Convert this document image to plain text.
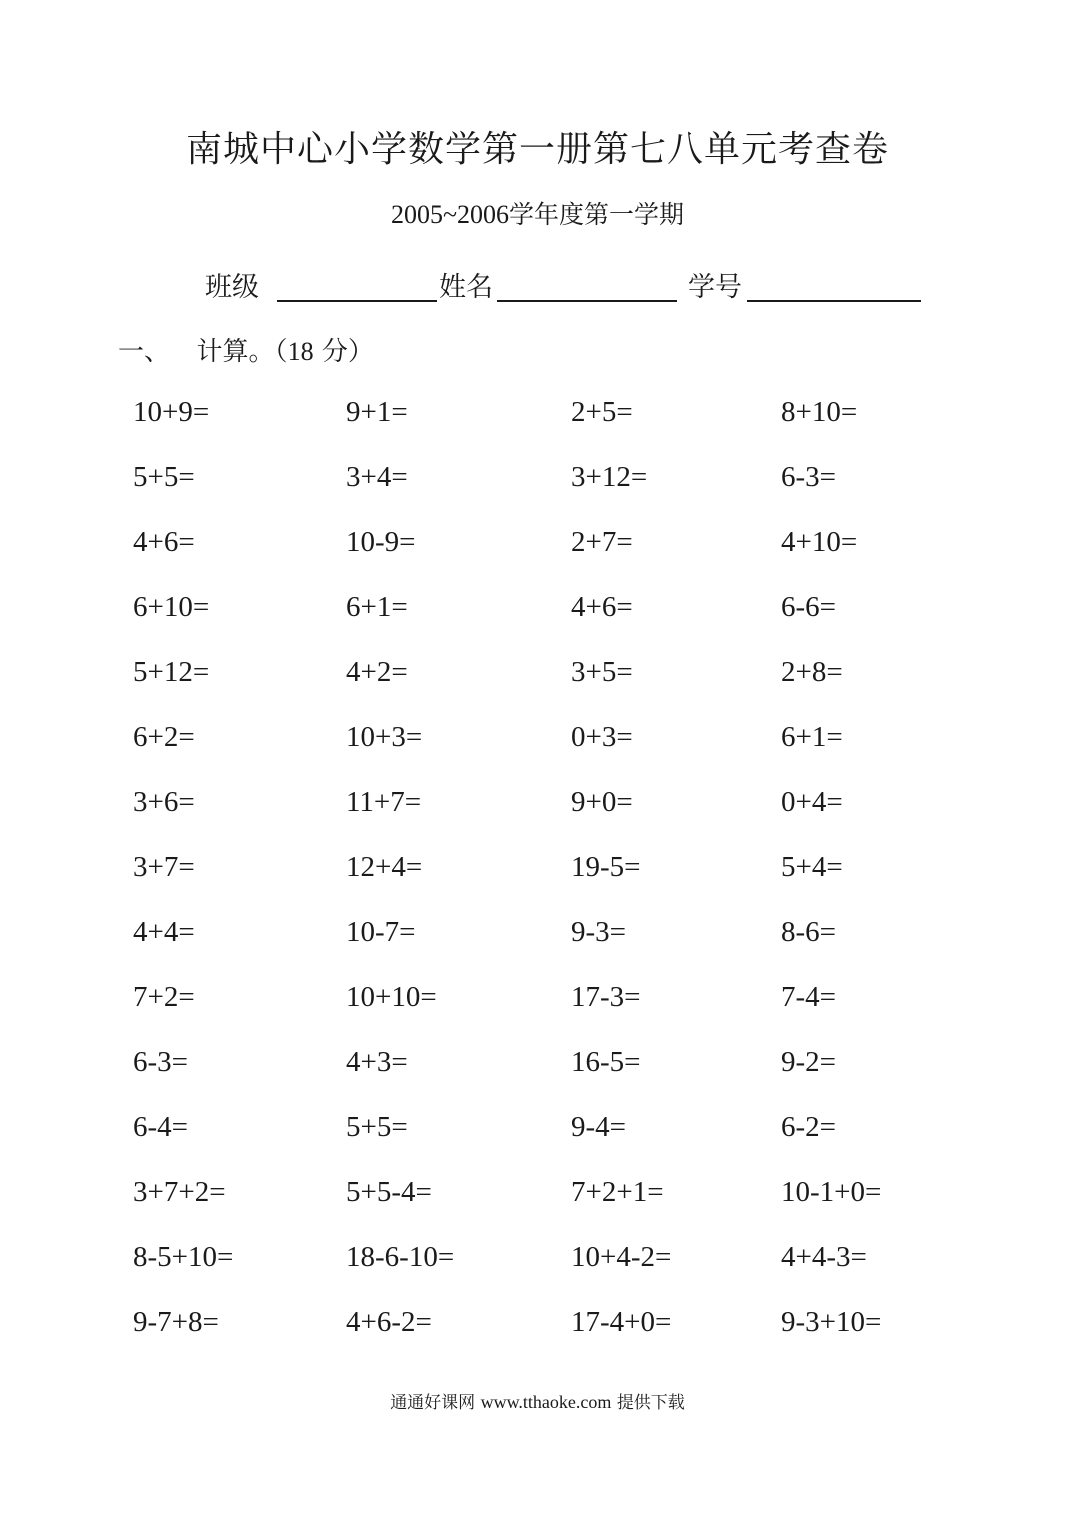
南城中心小学数学第一册第七八单元考查卷
2005~2006学年度第一学期
班级	姓名	学号
一、 计算。（18 分）
10+9=	9+1=	2+5=	8+10=
5+5=	3+4=	3+12=	6-3=
4+6=	10-9=	2+7=	4+10=
6+10=	6+1=	4+6=	6-6=
5+12=	4+2=	3+5=	2+8=
6+2=	10+3=	0+3=	6+1=
3+6=	11+7=	9+0=	0+4=
3+7=	12+4=	19-5=	5+4=
4+4=	10-7=	9-3=	8-6=
7+2=	10+10=	17-3=	7-4=
6-3=	4+3=	16-5=	9-2=
6-4=	5+5=	9-4=	6-2=
3+7+2=	5+5-4=	7+2+1=	10-1+0=
8-5+10=	18-6-10=	10+4-2=	4+4-3=
9-7+8=	4+6-2=	17-4+0=	9-3+10=
通通好课网 www.tthaoke.com 提供下载
